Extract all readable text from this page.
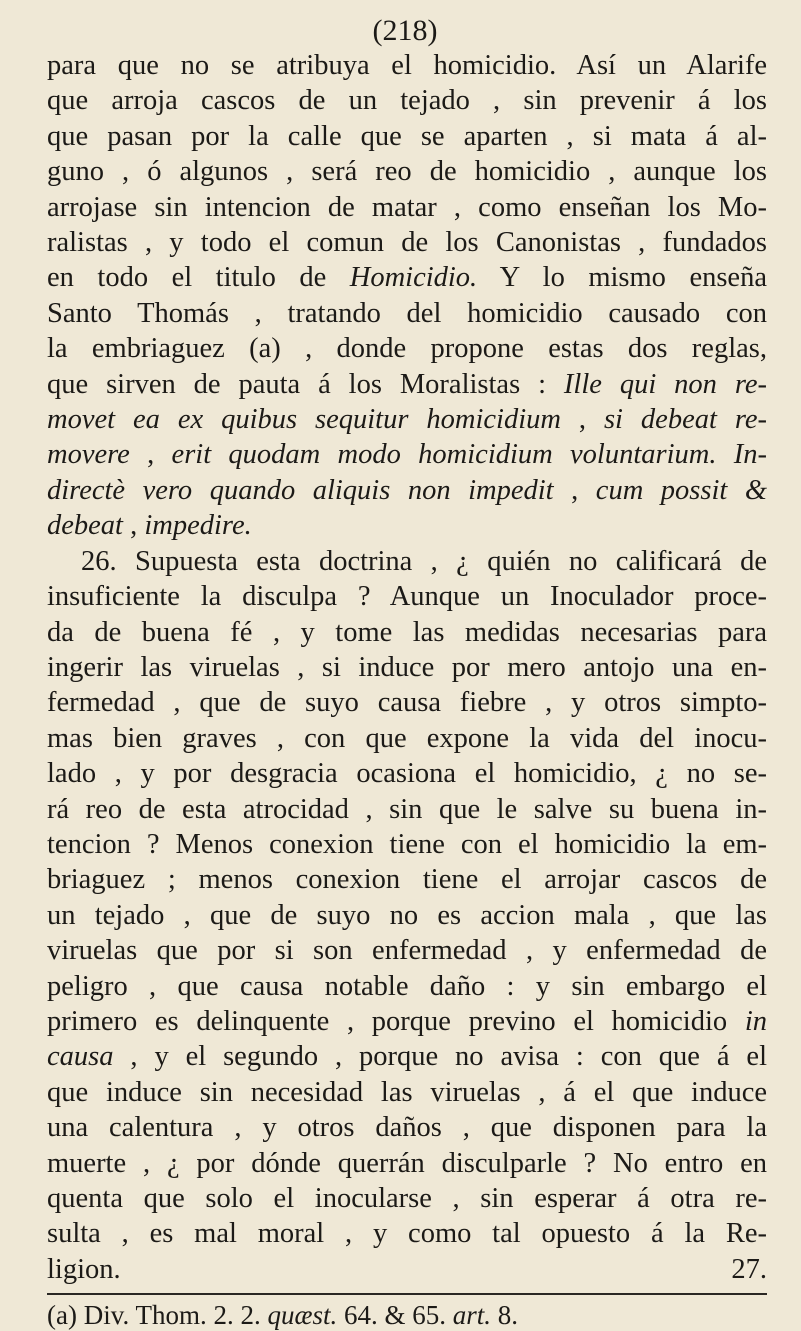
(218)
para que no se atribuya el homicidio. Así un Alarife
que arroja cascos de un tejado , sin prevenir á los
que pasan por la calle que se aparten , si mata á al-
guno , ó algunos , será reo de homicidio , aunque los
arrojase sin intencion de matar , como enseñan los Mo-
ralistas , y todo el comun de los Canonistas , fundados
en todo el titulo de Homicidio. Y lo mismo enseña
Santo Thomás , tratando del homicidio causado con
la embriaguez (a) , donde propone estas dos reglas,
que sirven de pauta á los Moralistas : Ille qui non re-
movet ea ex quibus sequitur homicidium , si debeat re-
movere , erit quodam modo homicidium voluntarium. In-
directè vero quando aliquis non impedit , cum possit &
debeat , impedire.
26. Supuesta esta doctrina , ¿ quién no calificará de
insuficiente la disculpa ? Aunque un Inoculador proce-
da de buena fé , y tome las medidas necesarias para
ingerir las viruelas , si induce por mero antojo una en-
fermedad , que de suyo causa fiebre , y otros simpto-
mas bien graves , con que expone la vida del inocu-
lado , y por desgracia ocasiona el homicidio, ¿ no se-
rá reo de esta atrocidad , sin que le salve su buena in-
tencion ? Menos conexion tiene con el homicidio la em-
briaguez ; menos conexion tiene el arrojar cascos de
un tejado , que de suyo no es accion mala , que las
viruelas que por si son enfermedad , y enfermedad de
peligro , que causa notable daño : y sin embargo el
primero es delinquente , porque previno el homicidio in
causa , y el segundo , porque no avisa : con que á el
que induce sin necesidad las viruelas , á el que induce
una calentura , y otros daños , que disponen para la
muerte , ¿ por dónde querrán disculparle ? No entro en
quenta que solo el inocularse , sin esperar á otra re-
sulta , es mal moral , y como tal opuesto á la Re-
ligion.	27.
(a) Div. Thom. 2. 2. quæst. 64. & 65. art. 8.
